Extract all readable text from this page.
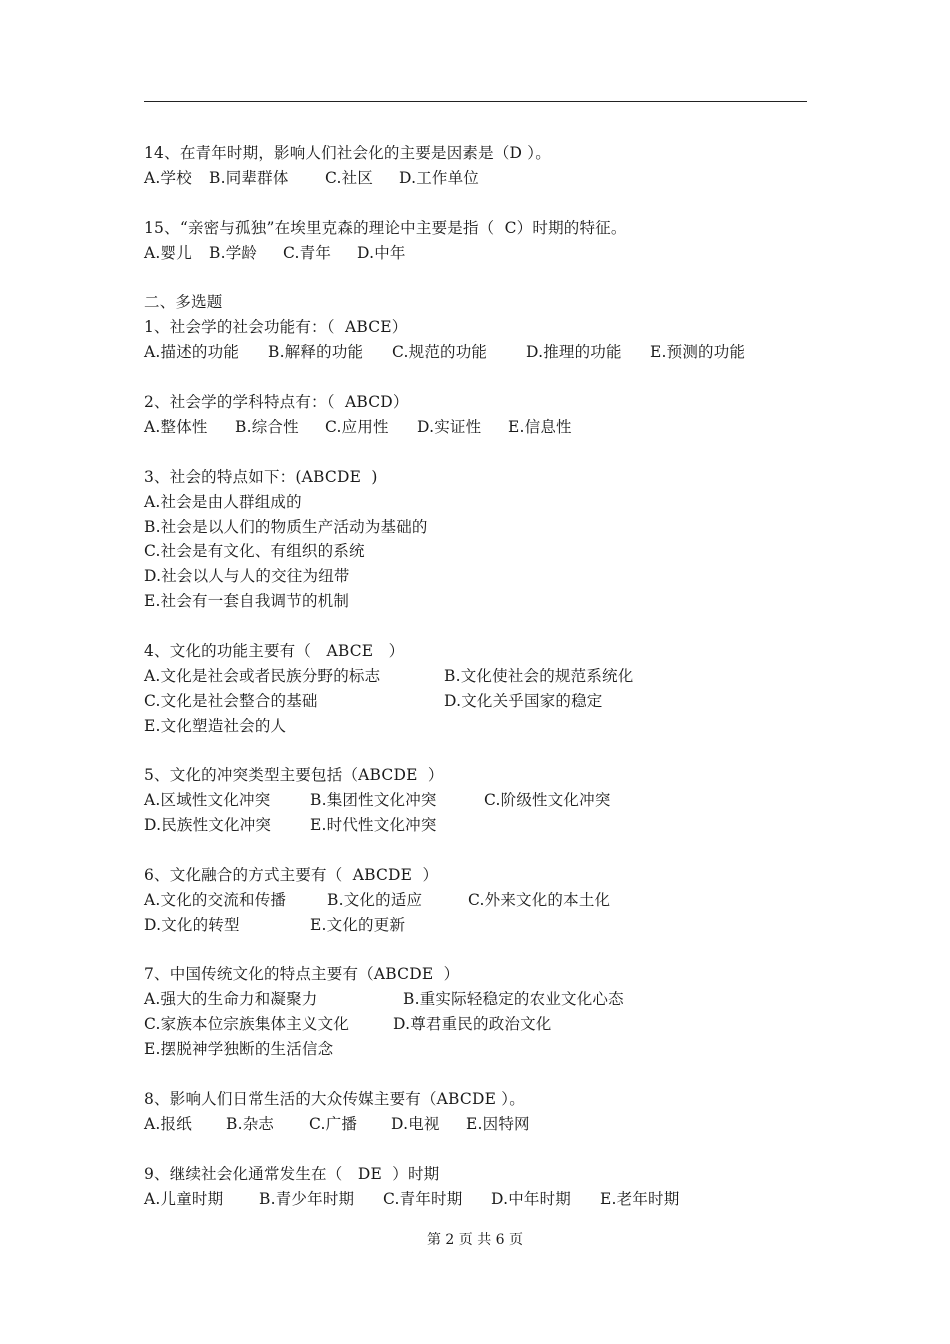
14、在青年时期，影响人们社会化的主要是因素是（D ）。
A.学校 B.同辈群体 C.社区 D.工作单位
15、“亲密与孤独”在埃里克森的理论中主要是指（  C）时期的特征。
A.婴儿 B.学龄 C.青年 D.中年
二、多选题
1、社会学的社会功能有：（  ABCE）
A.描述的功能 B.解释的功能 C.规范的功能	D.推理的功能 E.预测的功能
2、社会学的学科特点有：（  ABCD）
A.整体性 B.综合性 C.应用性 D.实证性 E.信息性
3、社会的特点如下：(ABCDE  )
A.社会是由人群组成的
B.社会是以人们的物质生产活动为基础的
C.社会是有文化、有组织的系统
D.社会以人与人的交往为纽带
E.社会有一套自我调节的机制
4、文化的功能主要有（   ABCE   ）
A.文化是社会或者民族分野的标志	B.文化使社会的规范系统化
C.文化是社会整合的基础	D.文化关乎国家的稳定
E.文化塑造社会的人
5、文化的冲突类型主要包括（ABCDE  ）
A.区域性文化冲突	B.集团性文化冲突	C.阶级性文化冲突
D.民族性文化冲突	E.时代性文化冲突
6、文化融合的方式主要有（  ABCDE  ）
A.文化的交流和传播	B.文化的适应	C.外来文化的本土化
D.文化的转型	E.文化的更新
7、中国传统文化的特点主要有（ABCDE  ）
A.强大的生命力和凝聚力	B.重实际轻稳定的农业文化心态
C.家族本位宗族集体主义文化	D.尊君重民的政治文化
E.摆脱神学独断的生活信念
8、影响人们日常生活的大众传媒主要有（ABCDE ）。
A.报纸 B.杂志 C.广播 D.电视 E.因特网
9、继续社会化通常发生在（   DE  ）时期
A.儿童时期 B.青少年时期 C.青年时期 D.中年时期 E.老年时期
第 2 页 共 6 页
